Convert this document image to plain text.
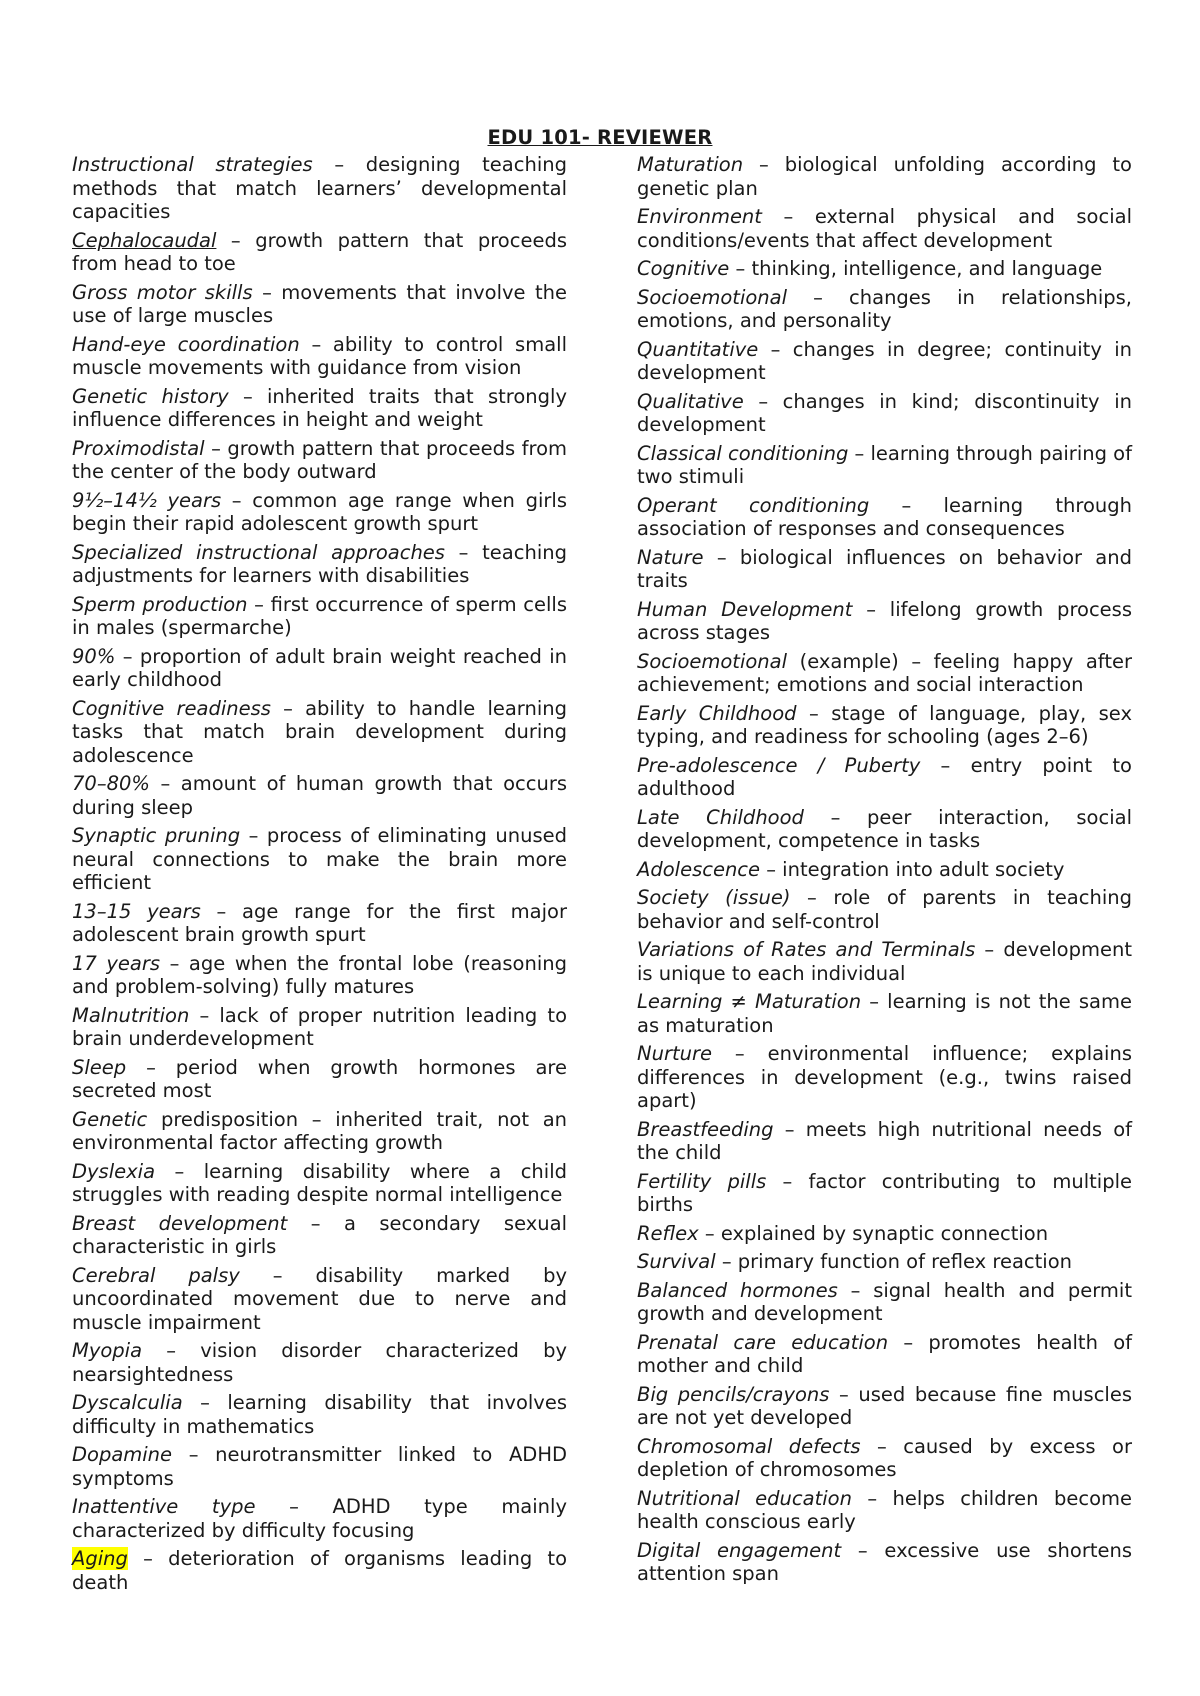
EDU 101- REVIEWER

Instructional strategies – designing teaching methods that match learners’ developmental capacities

Cephalocaudal – growth pattern that proceeds from head to toe

Gross motor skills – movements that involve the use of large muscles

Hand-eye coordination – ability to control small muscle movements with guidance from vision

Genetic history – inherited traits that strongly influence differences in height and weight

Proximodistal – growth pattern that proceeds from the center of the body outward

9½–14½ years – common age range when girls begin their rapid adolescent growth spurt

Specialized instructional approaches – teaching adjustments for learners with disabilities

Sperm production – first occurrence of sperm cells in males (spermarche)

90% – proportion of adult brain weight reached in early childhood

Cognitive readiness – ability to handle learning tasks that match brain development during adolescence

70–80% – amount of human growth that occurs during sleep

Synaptic pruning – process of eliminating unused neural connections to make the brain more efficient

13–15 years – age range for the first major adolescent brain growth spurt

17 years – age when the frontal lobe (reasoning and problem-solving) fully matures

Malnutrition – lack of proper nutrition leading to brain underdevelopment

Sleep – period when growth hormones are secreted most

Genetic predisposition – inherited trait, not an environmental factor affecting growth

Dyslexia – learning disability where a child struggles with reading despite normal intelligence

Breast development – a secondary sexual characteristic in girls

Cerebral palsy – disability marked by uncoordinated movement due to nerve and muscle impairment

Myopia – vision disorder characterized by nearsightedness

Dyscalculia – learning disability that involves difficulty in mathematics

Dopamine – neurotransmitter linked to ADHD symptoms

Inattentive type – ADHD type mainly characterized by difficulty focusing

Aging – deterioration of organisms leading to death

Maturation – biological unfolding according to genetic plan

Environment – external physical and social conditions/events that affect development

Cognitive – thinking, intelligence, and language

Socioemotional – changes in relationships, emotions, and personality

Quantitative – changes in degree; continuity in development

Qualitative – changes in kind; discontinuity in development

Classical conditioning – learning through pairing of two stimuli

Operant conditioning – learning through association of responses and consequences

Nature – biological influences on behavior and traits

Human Development – lifelong growth process across stages

Socioemotional (example) – feeling happy after achievement; emotions and social interaction

Early Childhood – stage of language, play, sex typing, and readiness for schooling (ages 2–6)

Pre-adolescence / Puberty – entry point to adulthood

Late Childhood – peer interaction, social development, competence in tasks

Adolescence – integration into adult society

Society (issue) – role of parents in teaching behavior and self-control

Variations of Rates and Terminals – development is unique to each individual

Learning ≠ Maturation – learning is not the same as maturation

Nurture – environmental influence; explains differences in development (e.g., twins raised apart)

Breastfeeding – meets high nutritional needs of the child

Fertility pills – factor contributing to multiple births

Reflex – explained by synaptic connection

Survival – primary function of reflex reaction

Balanced hormones – signal health and permit growth and development

Prenatal care education – promotes health of mother and child

Big pencils/crayons – used because fine muscles are not yet developed

Chromosomal defects – caused by excess or depletion of chromosomes

Nutritional education – helps children become health conscious early

Digital engagement – excessive use shortens attention span
